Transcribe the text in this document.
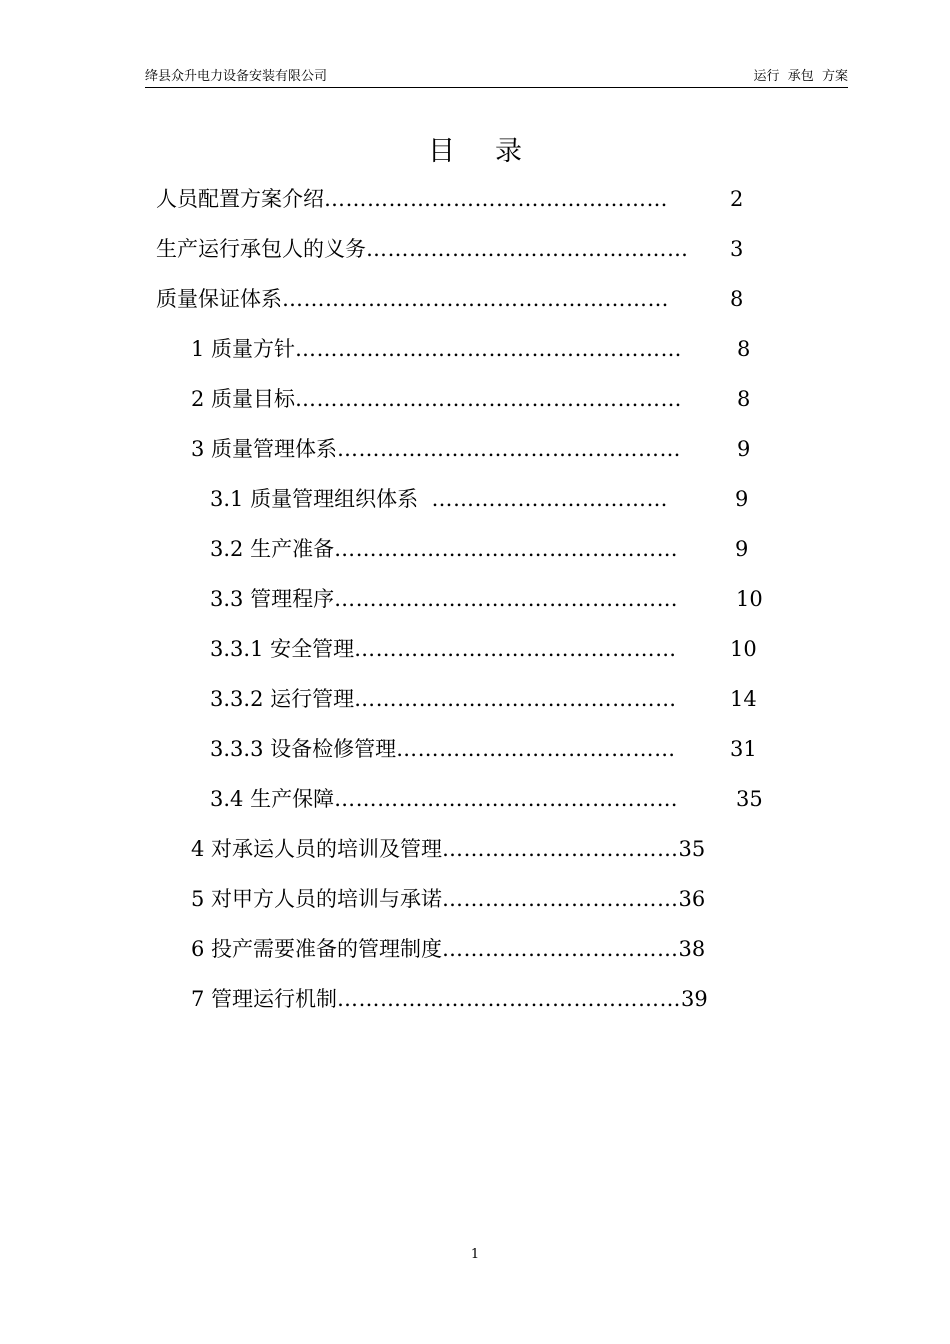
绛县众升电力设备安装有限公司	运行  承包  方案
目录
人员配置方案介绍…………………………………………	2
生产运行承包人的义务……………………………………… 3
质量保证体系………………………………………………	8
1 质量方针………………………………………………	8
2 质量目标………………………………………………	8
3 质量管理体系…………………………………………	9
3.1 质量管理组织体系  ……………………………	9
3.2 生产准备…………………………………………	9
3.3 管理程序…………………………………………	10
3.3.1 安全管理………………………………………	10
3.3.2 运行管理………………………………………	14
3.3.3 设备检修管理…………………………………	31
3.4 生产保障…………………………………………	35
4 对承运人员的培训及管理……………………………35
5 对甲方人员的培训与承诺……………………………36
6 投产需要准备的管理制度……………………………38
7 管理运行机制…………………………………………39
1
